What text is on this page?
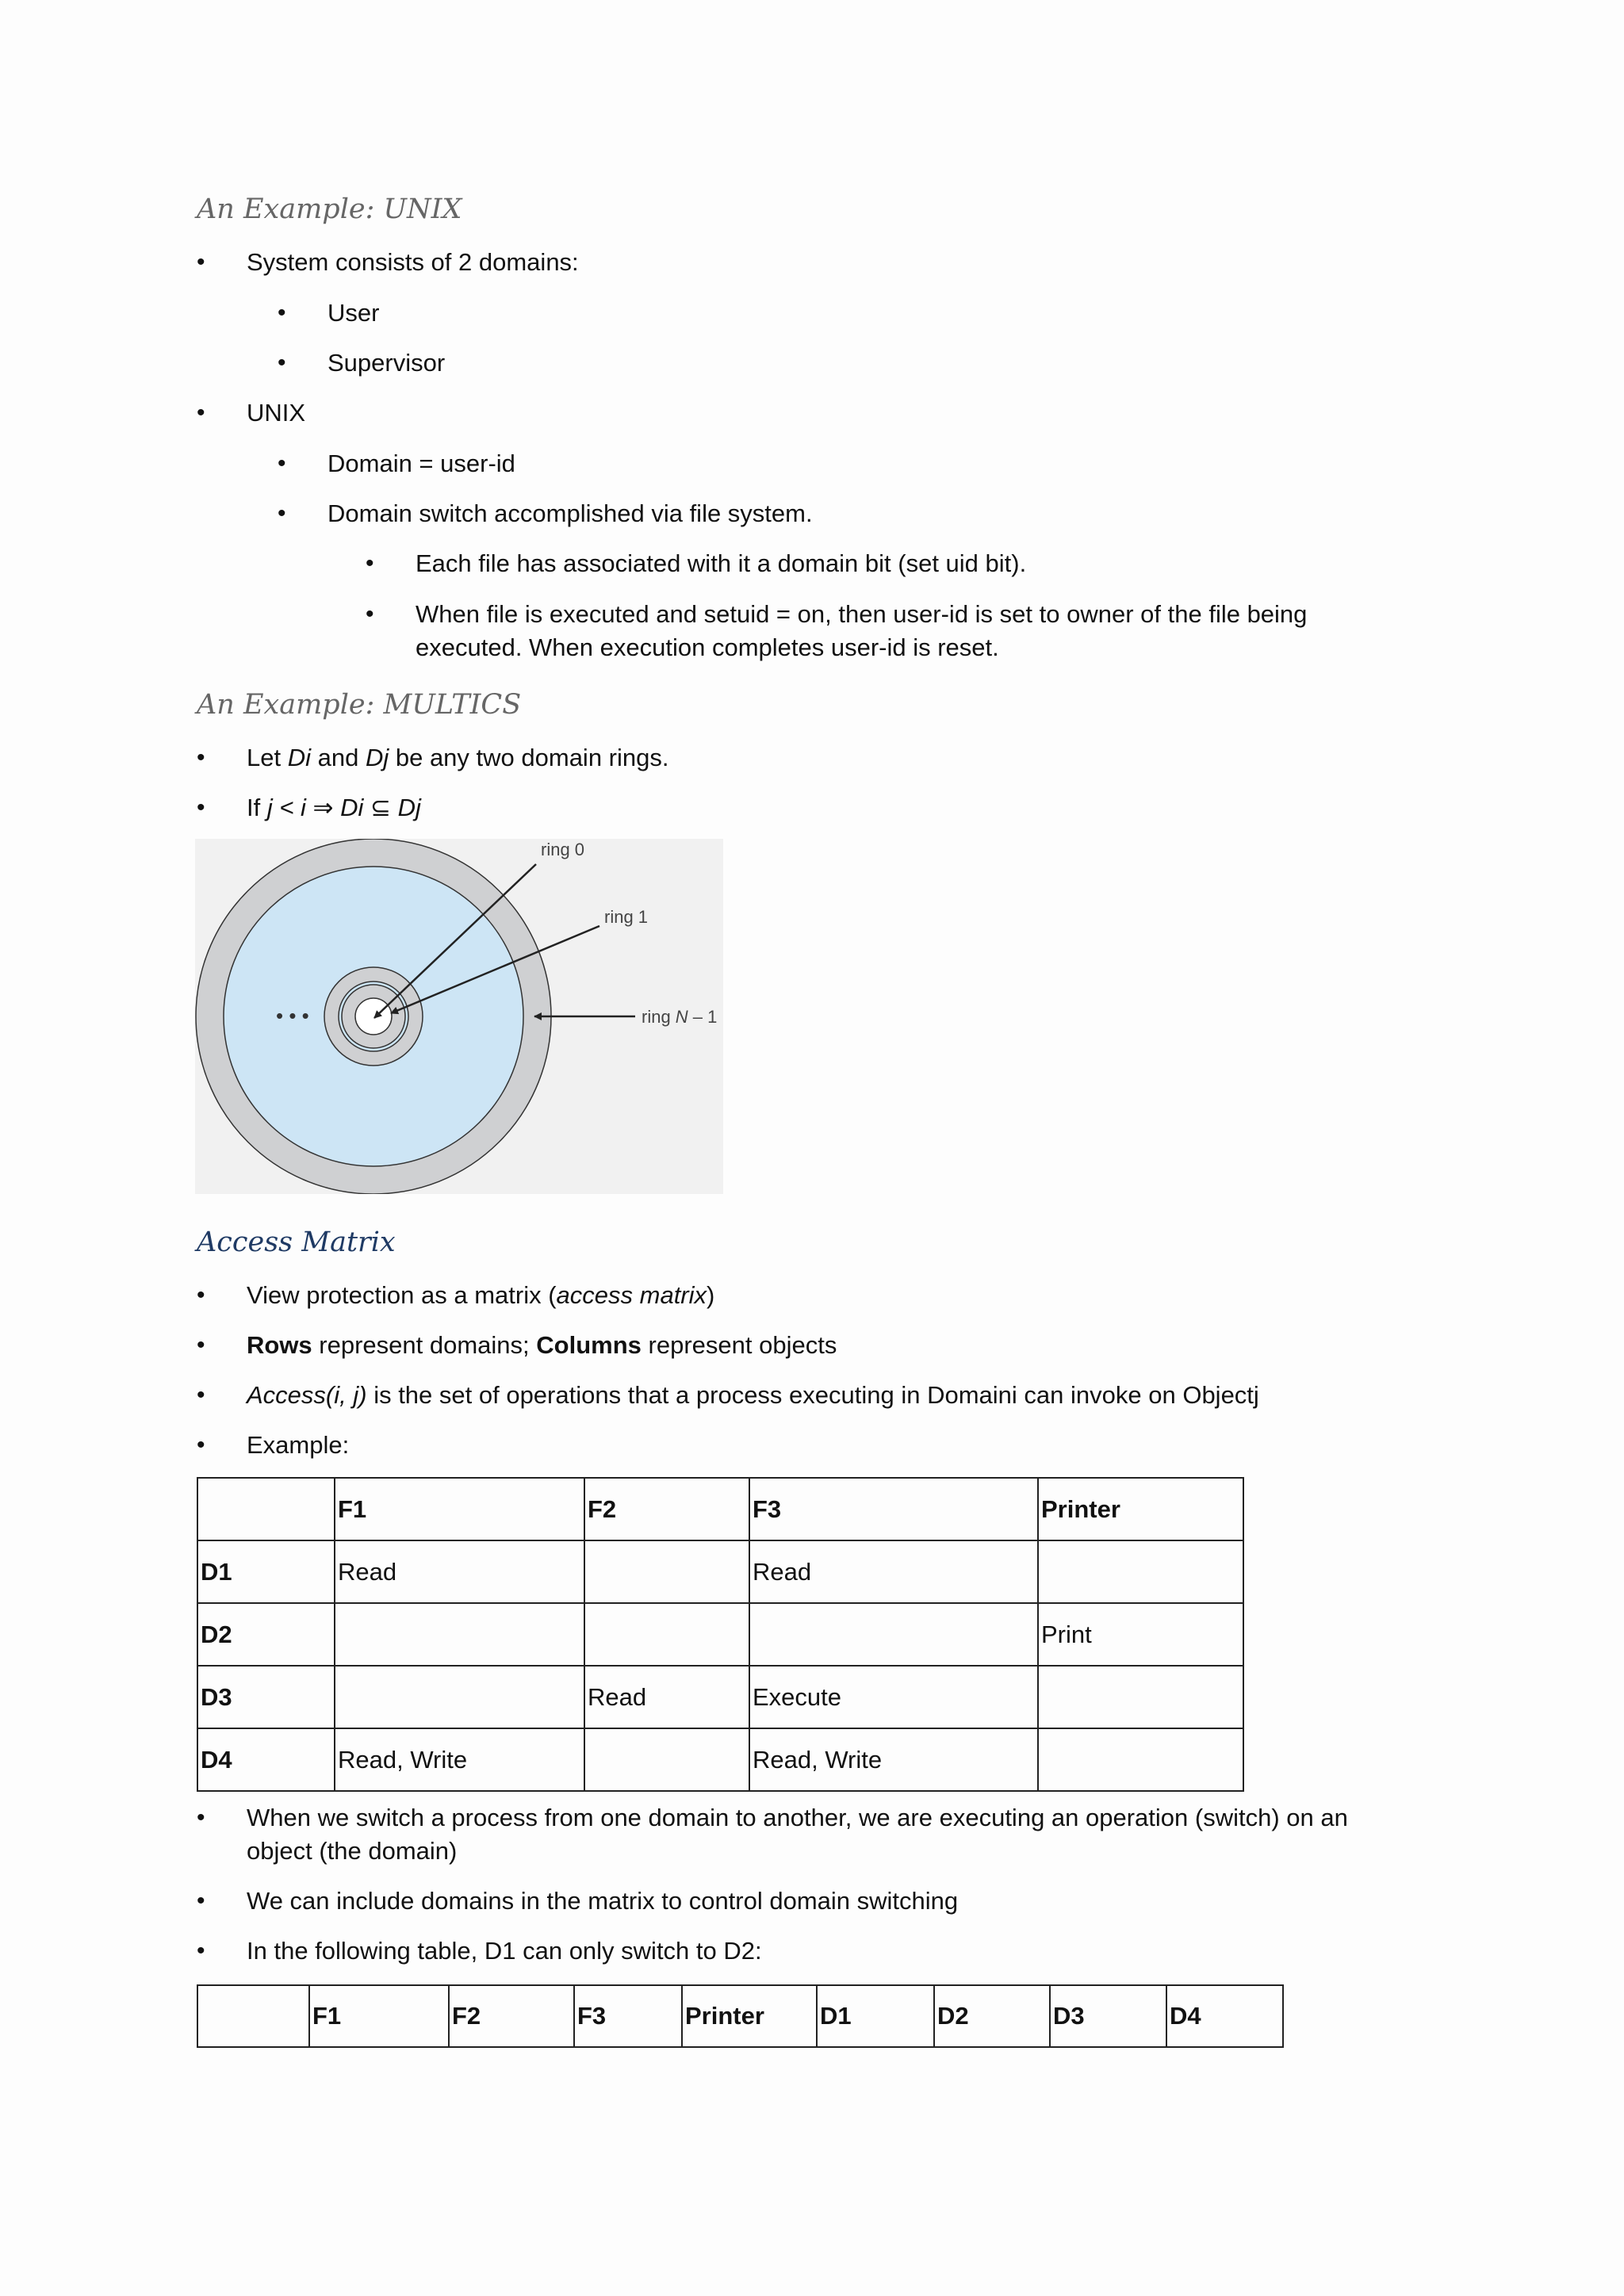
An Example: UNIX
• System consists of 2 domains:
• User
• Supervisor
• UNIX
• Domain = user-id
• Domain switch accomplished via file system.
• Each file has associated with it a domain bit (set uid bit).
• When file is executed and setuid = on, then user-id is set to owner of the file being executed. When execution completes user-id is reset.
An Example: MULTICS
• Let Di and Dj be any two domain rings.
• If j < i ⇒ Di ⊆ Dj
• • •
ring 0
ring 1
ring N – 1
Access Matrix
• View protection as a matrix (access matrix)
• Rows represent domains; Columns represent objects
• Access(i, j) is the set of operations that a process executing in Domaini can invoke on Objectj
• Example:
	F1	F2	F3	Printer
D1	Read		Read	
D2				Print
D3		Read	Execute	
D4	Read, Write		Read, Write	
• When we switch a process from one domain to another, we are executing an operation (switch) on an object (the domain)
• We can include domains in the matrix to control domain switching
• In the following table, D1 can only switch to D2:
	F1	F2	F3	Printer	D1	D2	D3	D4
